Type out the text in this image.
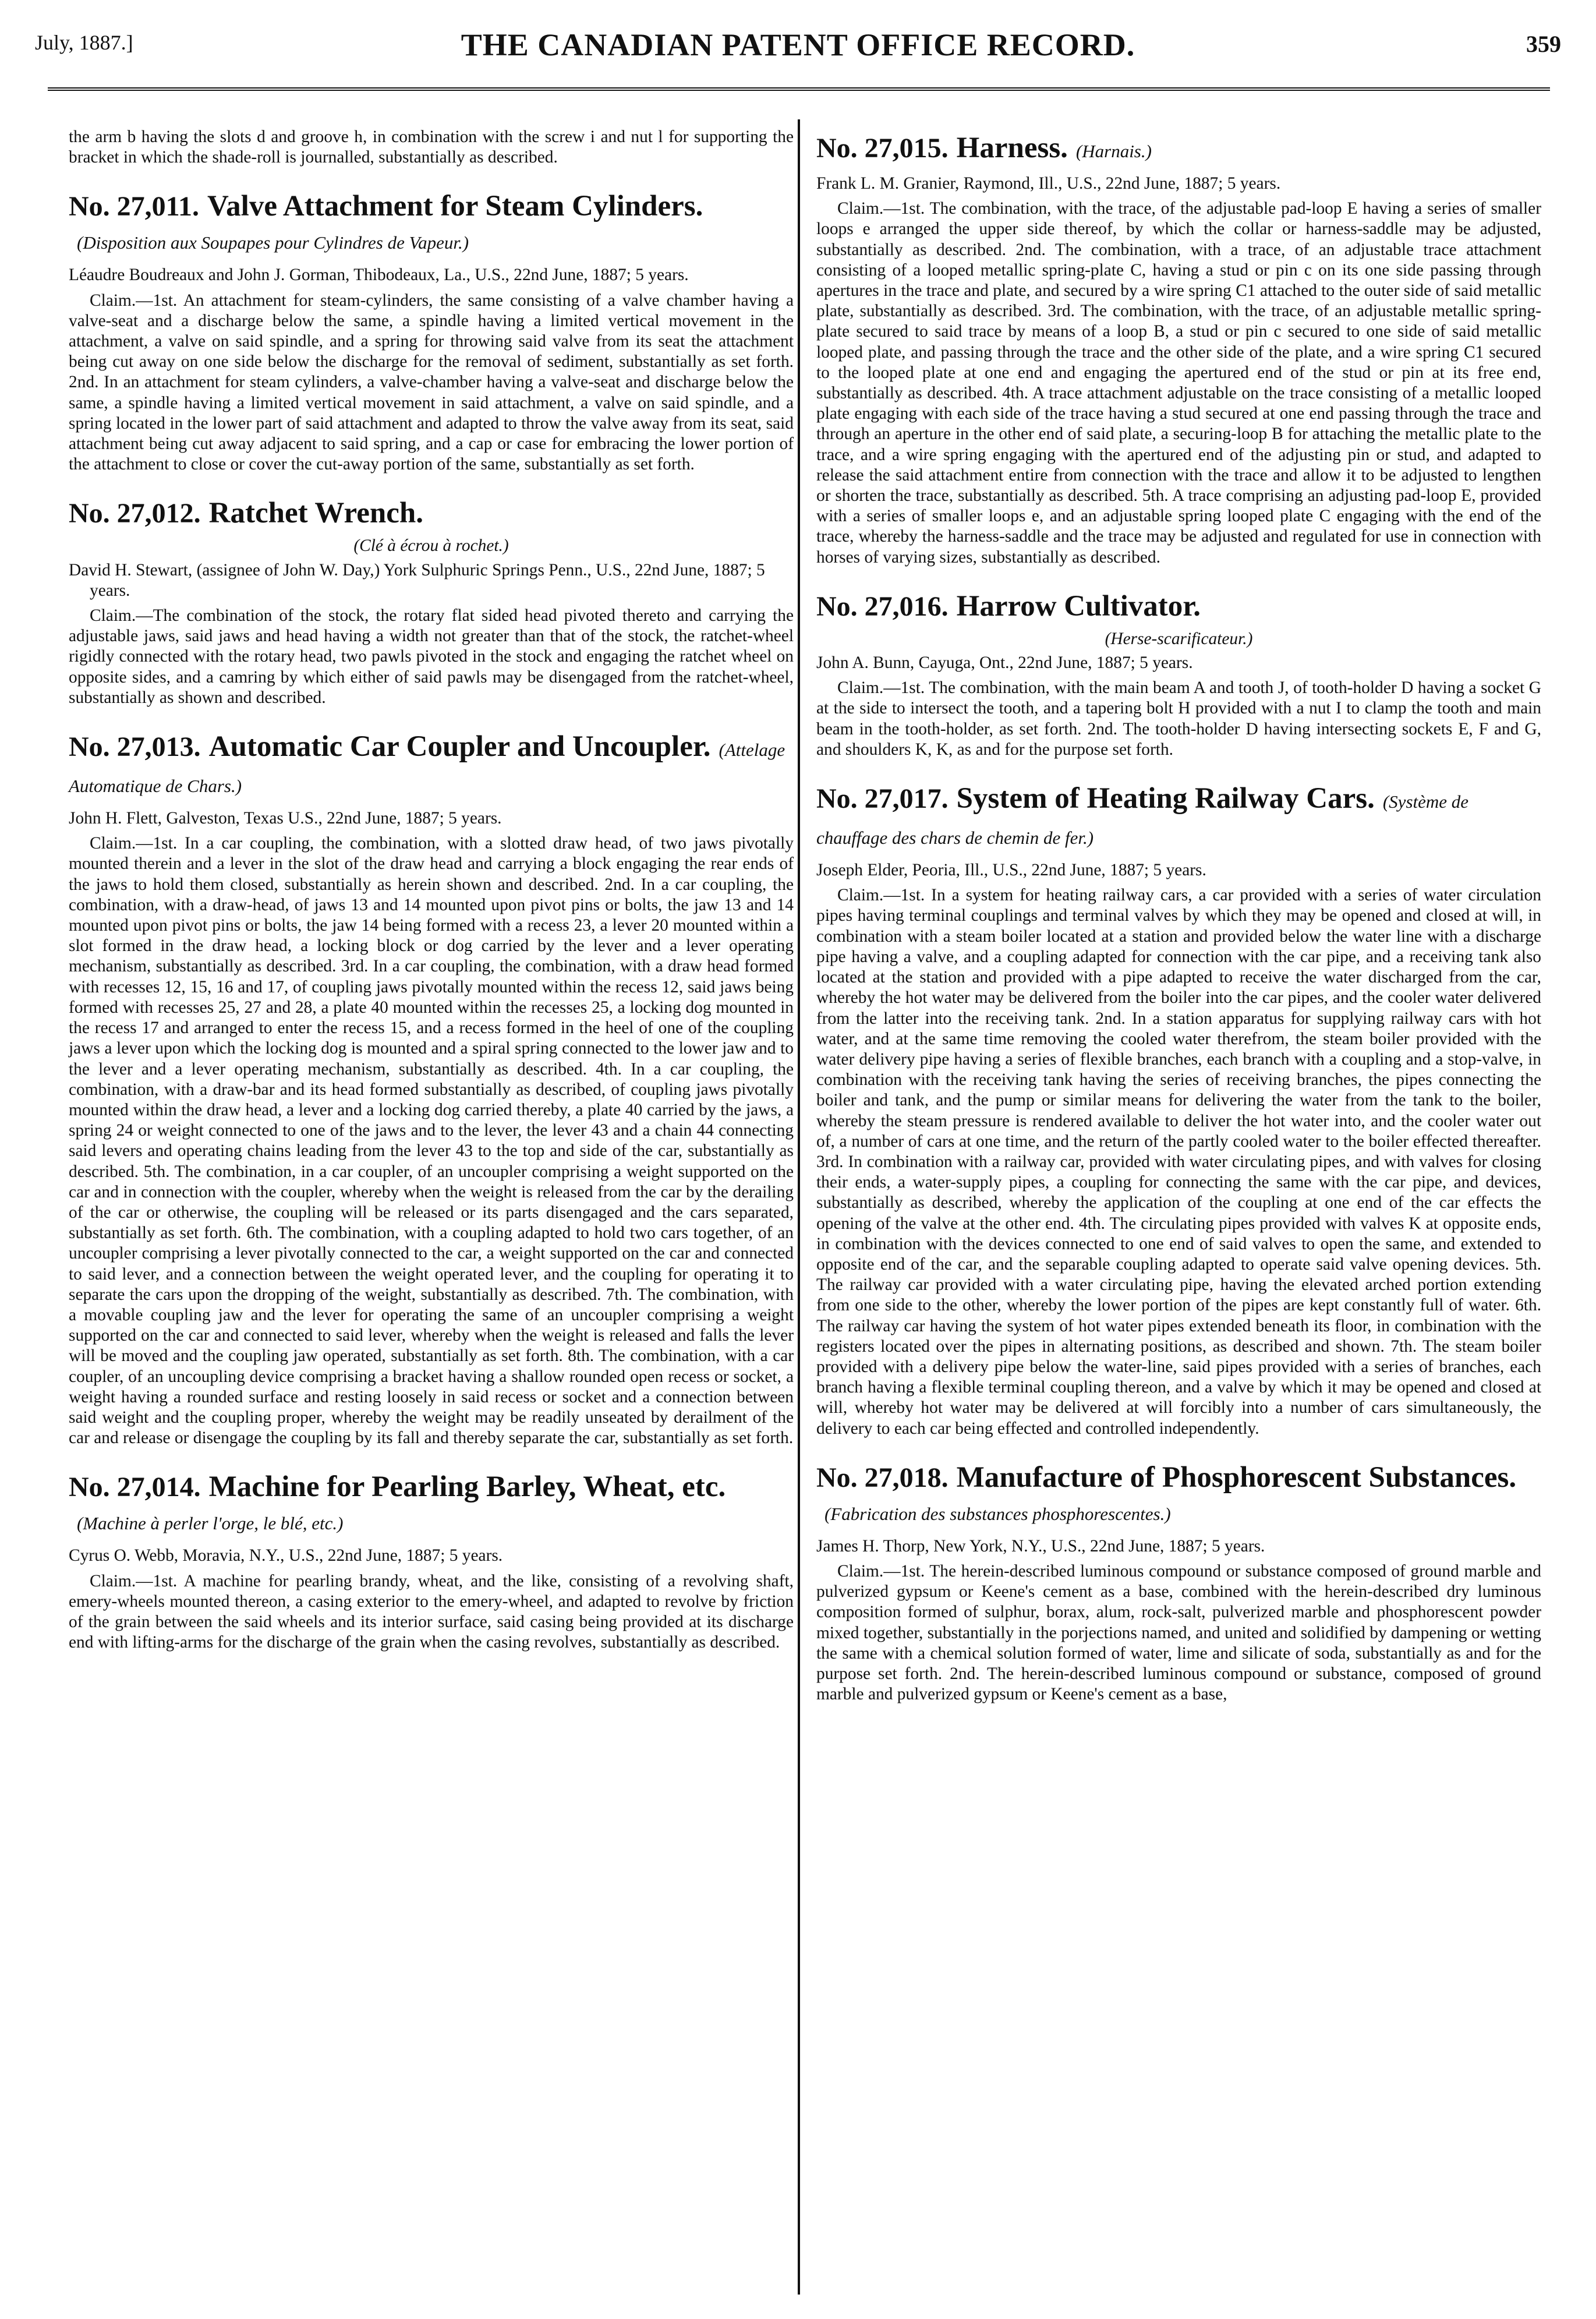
July, 1887.]	THE CANADIAN PATENT OFFICE RECORD.	359

the arm b having the slots d and groove h, in combination with the screw i and nut l for supporting the bracket in which the shade-roll is journalled, substantially as described.

No. 27,011. Valve Attachment for Steam Cylinders.(Disposition aux Soupapes pour Cylindres de Vapeur.)

Léaudre Boudreaux and John J. Gorman, Thibodeaux, La., U.S., 22nd June, 1887; 5 years.

Claim.—1st. An attachment for steam-cylinders, the same consisting of a valve chamber having a valve-seat and a discharge below the same, a spindle having a limited vertical movement in the attachment, a valve on said spindle, and a spring for throwing said valve from its seat the attachment being cut away on one side below the discharge for the removal of sediment, substantially as set forth. 2nd. In an attachment for steam cylinders, a valve-chamber having a valve-seat and discharge below the same, a spindle having a limited vertical movement in said attachment, a valve on said spindle, and a spring located in the lower part of said attachment and adapted to throw the valve away from its seat, said attachment being cut away adjacent to said spring, and a cap or case for embracing the lower portion of the attachment to close or cover the cut-away portion of the same, substantially as set forth.

No. 27,012. Ratchet Wrench.

(Clé à écrou à rochet.)

David H. Stewart, (assignee of John W. Day,) York Sulphuric Springs Penn., U.S., 22nd June, 1887; 5 years.

Claim.—The combination of the stock, the rotary flat sided head pivoted thereto and carrying the adjustable jaws, said jaws and head having a width not greater than that of the stock, the ratchet-wheel rigidly connected with the rotary head, two pawls pivoted in the stock and engaging the ratchet wheel on opposite sides, and a camring by which either of said pawls may be disengaged from the ratchet-wheel, substantially as shown and described.

No. 27,013. Automatic Car Coupler and Uncoupler. (Attelage Automatique de Chars.)

John H. Flett, Galveston, Texas U.S., 22nd June, 1887; 5 years.

Claim.—1st. In a car coupling, the combination, with a slotted draw head, of two jaws pivotally mounted therein and a lever in the slot of the draw head and carrying a block engaging the rear ends of the jaws to hold them closed, substantially as herein shown and described. 2nd. In a car coupling, the combination, with a draw-head, of jaws 13 and 14 mounted upon pivot pins or bolts, the jaw 13 and 14 mounted upon pivot pins or bolts, the jaw 14 being formed with a recess 23, a lever 20 mounted within a slot formed in the draw head, a locking block or dog carried by the lever and a lever operating mechanism, substantially as described. 3rd. In a car coupling, the combination, with a draw head formed with recesses 12, 15, 16 and 17, of coupling jaws pivotally mounted within the recess 12, said jaws being formed with recesses 25, 27 and 28, a plate 40 mounted within the recesses 25, a locking dog mounted in the recess 17 and arranged to enter the recess 15, and a recess formed in the heel of one of the coupling jaws a lever upon which the locking dog is mounted and a spiral spring connected to the lower jaw and to the lever and a lever operating mechanism, substantially as described. 4th. In a car coupling, the combination, with a draw-bar and its head formed substantially as described, of coupling jaws pivotally mounted within the draw head, a lever and a locking dog carried thereby, a plate 40 carried by the jaws, a spring 24 or weight connected to one of the jaws and to the lever, the lever 43 and a chain 44 connecting said levers and operating chains leading from the lever 43 to the top and side of the car, substantially as described. 5th. The combination, in a car coupler, of an uncoupler comprising a weight supported on the car and in connection with the coupler, whereby when the weight is released from the car by the derailing of the car or otherwise, the coupling will be released or its parts disengaged and the cars separated, substantially as set forth. 6th. The combination, with a coupling adapted to hold two cars together, of an uncoupler comprising a lever pivotally connected to the car, a weight supported on the car and connected to said lever, and a connection between the weight operated lever, and the coupling for operating it to separate the cars upon the dropping of the weight, substantially as described. 7th. The combination, with a movable coupling jaw and the lever for operating the same of an uncoupler comprising a weight supported on the car and connected to said lever, whereby when the weight is released and falls the lever will be moved and the coupling jaw operated, substantially as set forth. 8th. The combination, with a car coupler, of an uncoupling device comprising a bracket having a shallow rounded open recess or socket, a weight having a rounded surface and resting loosely in said recess or socket and a connection between said weight and the coupling proper, whereby the weight may be readily unseated by derailment of the car and release or disengage the coupling by its fall and thereby separate the car, substantially as set forth.

No. 27,014. Machine for Pearling Barley, Wheat, etc.(Machine à perler l'orge, le blé, etc.)

Cyrus O. Webb, Moravia, N.Y., U.S., 22nd June, 1887; 5 years.

Claim.—1st. A machine for pearling brandy, wheat, and the like, consisting of a revolving shaft, emery-wheels mounted thereon, a casing exterior to the emery-wheel, and adapted to revolve by friction of the grain between the said wheels and its interior surface, said casing being provided at its discharge end with lifting-arms for the discharge of the grain when the casing revolves, substantially as described.

No. 27,015. Harness. (Harnais.)

Frank L. M. Granier, Raymond, Ill., U.S., 22nd June, 1887; 5 years.

Claim.—1st. The combination, with the trace, of the adjustable pad-loop E having a series of smaller loops e arranged the upper side thereof, by which the collar or harness-saddle may be adjusted, substantially as described. 2nd. The combination, with a trace, of an adjustable trace attachment consisting of a looped metallic spring-plate C, having a stud or pin c on its one side passing through apertures in the trace and plate, and secured by a wire spring C1 attached to the outer side of said metallic plate, substantially as described. 3rd. The combination, with the trace, of an adjustable metallic spring-plate secured to said trace by means of a loop B, a stud or pin c secured to one side of said metallic looped plate, and passing through the trace and the other side of the plate, and a wire spring C1 secured to the looped plate at one end and engaging the apertured end of the stud or pin at its free end, substantially as described. 4th. A trace attachment adjustable on the trace consisting of a metallic looped plate engaging with each side of the trace having a stud secured at one end passing through the trace and through an aperture in the other end of said plate, a securing-loop B for attaching the metallic plate to the trace, and a wire spring engaging with the apertured end of the adjusting pin or stud, and adapted to release the said attachment entire from connection with the trace and allow it to be adjusted to lengthen or shorten the trace, substantially as described. 5th. A trace comprising an adjusting pad-loop E, provided with a series of smaller loops e, and an adjustable spring looped plate C engaging with the end of the trace, whereby the harness-saddle and the trace may be adjusted and regulated for use in connection with horses of varying sizes, substantially as described.

No. 27,016. Harrow Cultivator.

(Herse-scarificateur.)

John A. Bunn, Cayuga, Ont., 22nd June, 1887; 5 years.

Claim.—1st. The combination, with the main beam A and tooth J, of tooth-holder D having a socket G at the side to intersect the tooth, and a tapering bolt H provided with a nut I to clamp the tooth and main beam in the tooth-holder, as set forth. 2nd. The tooth-holder D having intersecting sockets E, F and G, and shoulders K, K, as and for the purpose set forth.

No. 27,017. System of Heating Railway Cars. (Système de chauffage des chars de chemin de fer.)

Joseph Elder, Peoria, Ill., U.S., 22nd June, 1887; 5 years.

Claim.—1st. In a system for heating railway cars, a car provided with a series of water circulation pipes having terminal couplings and terminal valves by which they may be opened and closed at will, in combination with a steam boiler located at a station and provided below the water line with a discharge pipe having a valve, and a coupling adapted for connection with the car pipe, and a receiving tank also located at the station and provided with a pipe adapted to receive the water discharged from the car, whereby the hot water may be delivered from the boiler into the car pipes, and the cooler water delivered from the latter into the receiving tank. 2nd. In a station apparatus for supplying railway cars with hot water, and at the same time removing the cooled water therefrom, the steam boiler provided with the water delivery pipe having a series of flexible branches, each branch with a coupling and a stop-valve, in combination with the receiving tank having the series of receiving branches, the pipes connecting the boiler and tank, and the pump or similar means for delivering the water from the tank to the boiler, whereby the steam pressure is rendered available to deliver the hot water into, and the cooler water out of, a number of cars at one time, and the return of the partly cooled water to the boiler effected thereafter. 3rd. In combination with a railway car, provided with water circulating pipes, and with valves for closing their ends, a water-supply pipes, a coupling for connecting the same with the car pipe, and devices, substantially as described, whereby the application of the coupling at one end of the car effects the opening of the valve at the other end. 4th. The circulating pipes provided with valves K at opposite ends, in combination with the devices connected to one end of said valves to open the same, and extended to opposite end of the car, and the separable coupling adapted to operate said valve opening devices. 5th. The railway car provided with a water circulating pipe, having the elevated arched portion extending from one side to the other, whereby the lower portion of the pipes are kept constantly full of water. 6th. The railway car having the system of hot water pipes extended beneath its floor, in combination with the registers located over the pipes in alternating positions, as described and shown. 7th. The steam boiler provided with a delivery pipe below the water-line, said pipes provided with a series of branches, each branch having a flexible terminal coupling thereon, and a valve by which it may be opened and closed at will, whereby hot water may be delivered at will forcibly into a number of cars simultaneously, the delivery to each car being effected and controlled independently.

No. 27,018. Manufacture of Phosphorescent Substances.(Fabrication des substances phosphorescentes.)

James H. Thorp, New York, N.Y., U.S., 22nd June, 1887; 5 years.

Claim.—1st. The herein-described luminous compound or substance composed of ground marble and pulverized gypsum or Keene's cement as a base, combined with the herein-described dry luminous composition formed of sulphur, borax, alum, rock-salt, pulverized marble and phosphorescent powder mixed together, substantially in the porjections named, and united and solidified by dampening or wetting the same with a chemical solution formed of water, lime and silicate of soda, substantially as and for the purpose set forth. 2nd. The herein-described luminous compound or substance, composed of ground marble and pulverized gypsum or Keene's cement as a base,
